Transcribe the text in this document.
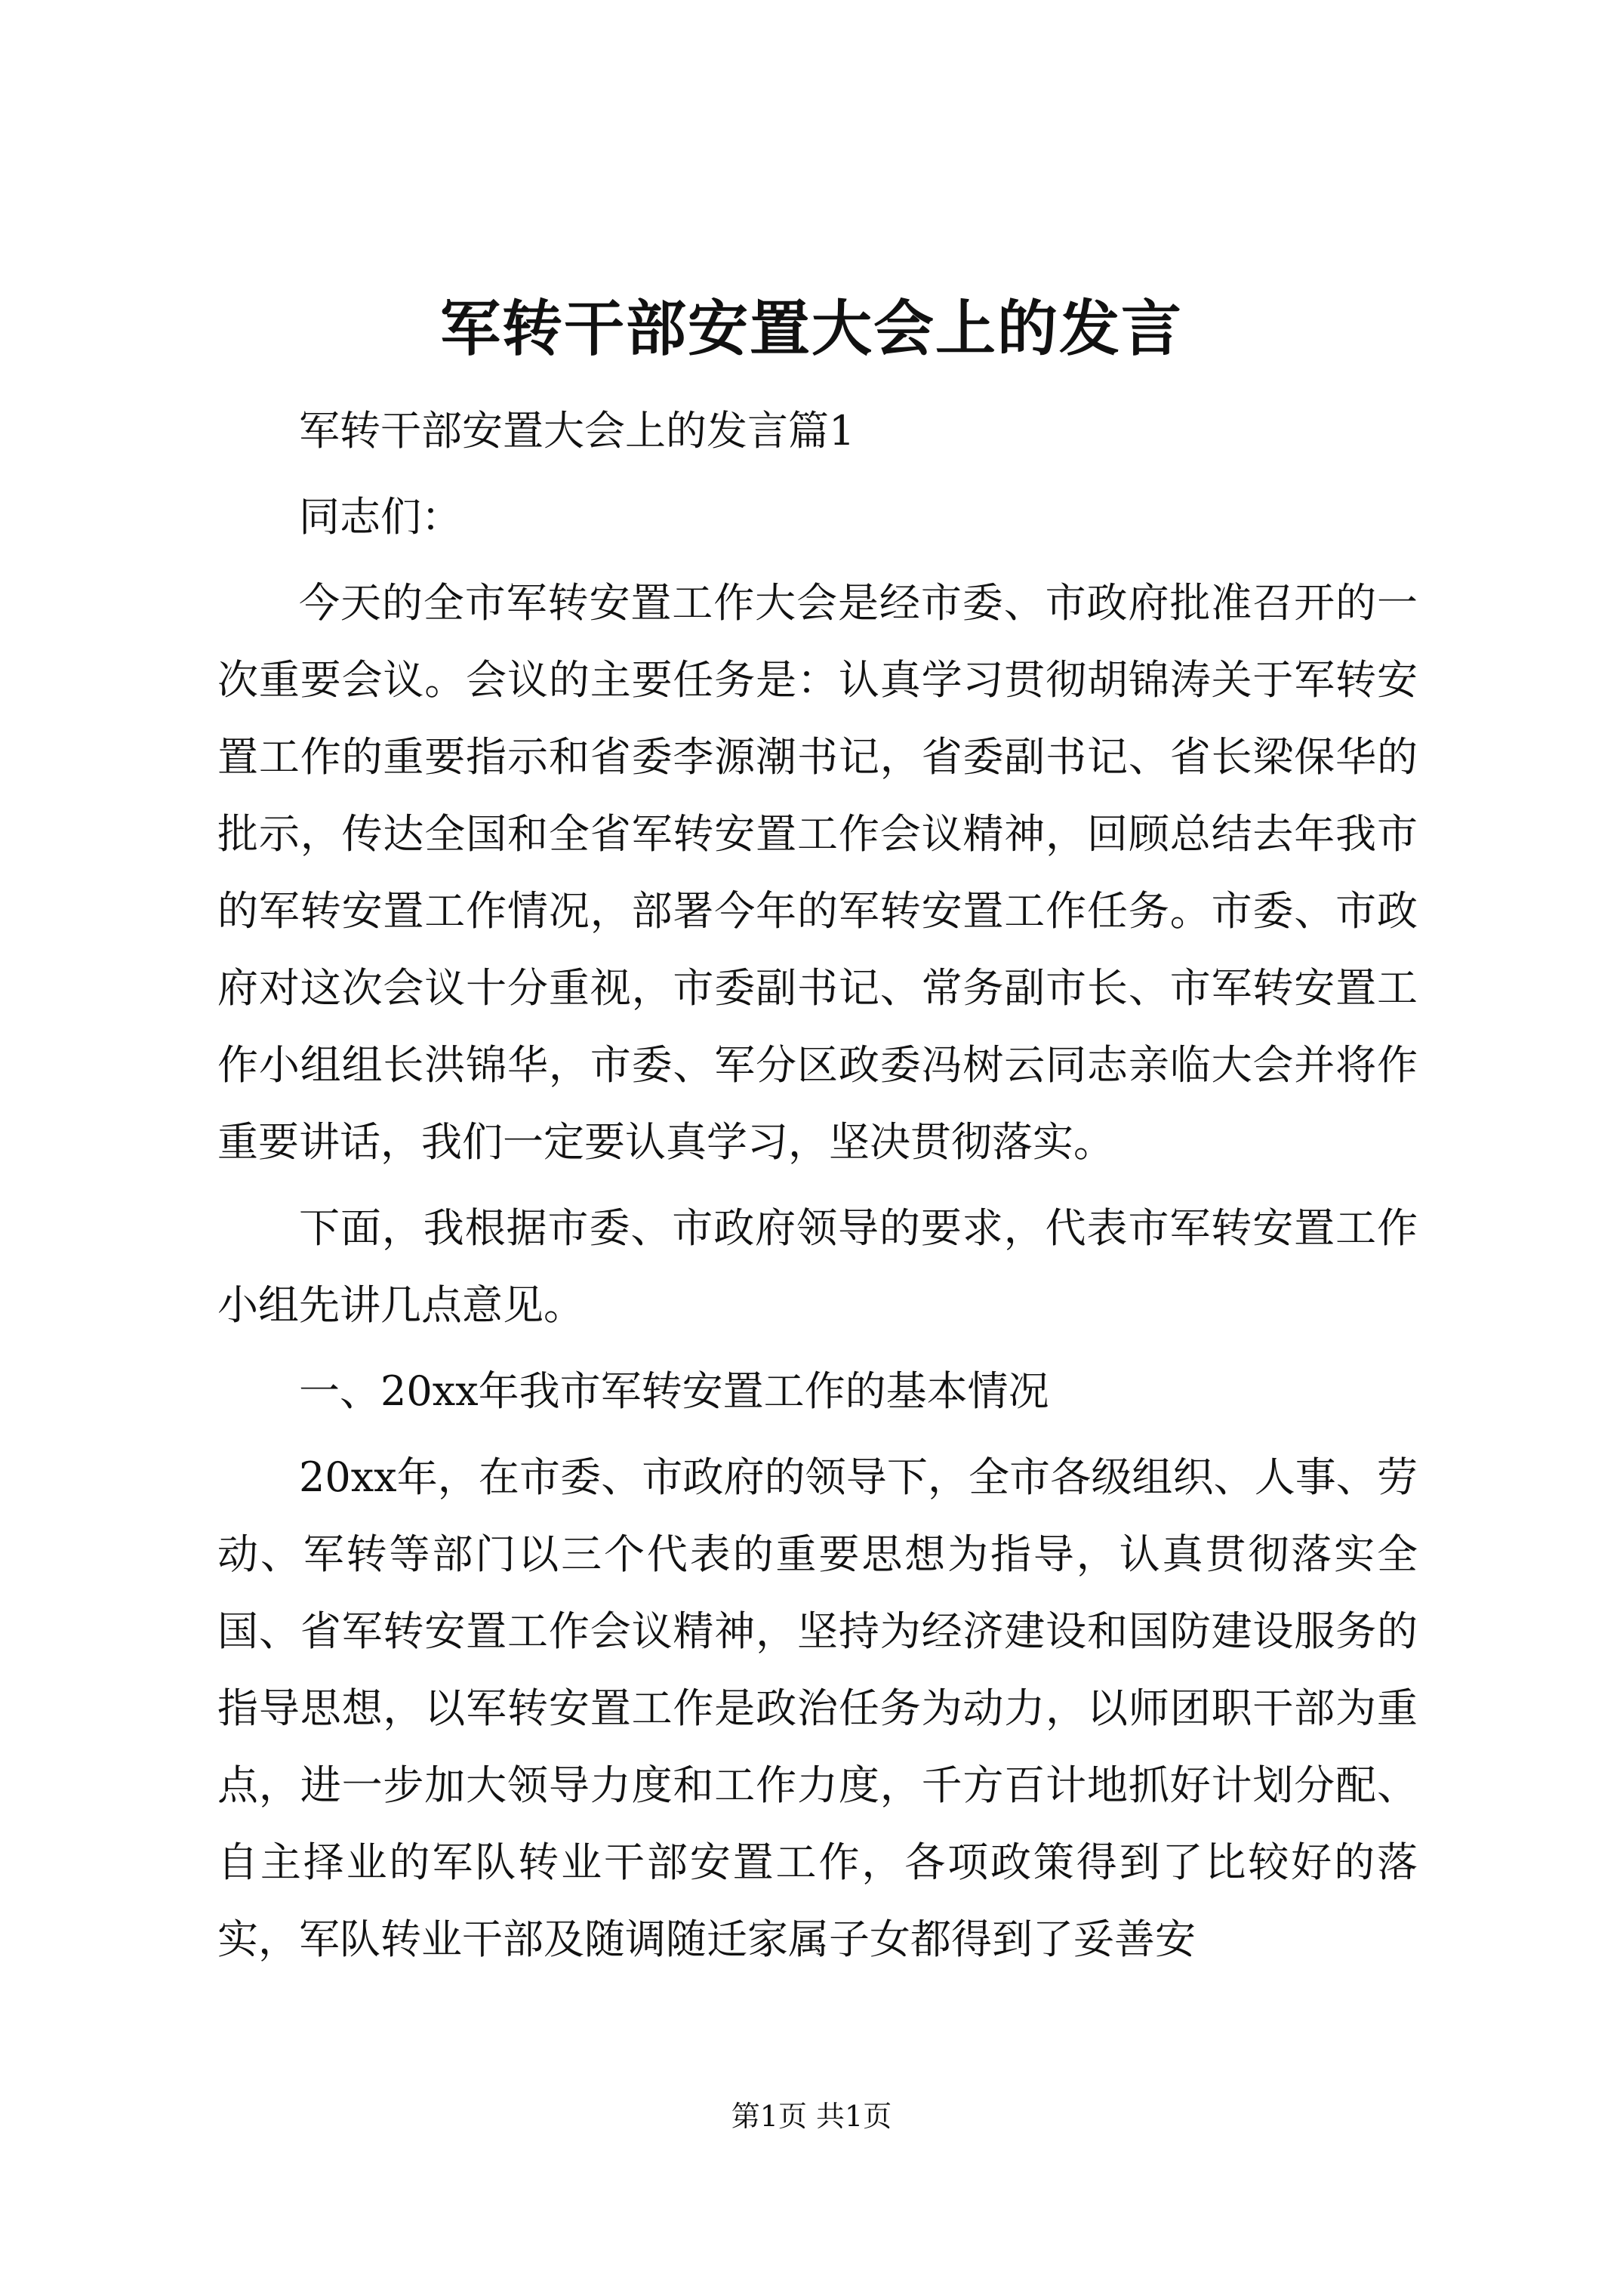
军转干部安置大会上的发言

军转干部安置大会上的发言篇1

同志们：

今天的全市军转安置工作大会是经市委、市政府批准召开的一次重要会议。会议的主要任务是：认真学习贯彻胡锦涛关于军转安置工作的重要指示和省委李源潮书记，省委副书记、省长梁保华的批示，传达全国和全省军转安置工作会议精神，回顾总结去年我市的军转安置工作情况，部署今年的军转安置工作任务。市委、市政府对这次会议十分重视，市委副书记、常务副市长、市军转安置工作小组组长洪锦华，市委、军分区政委冯树云同志亲临大会并将作重要讲话，我们一定要认真学习，坚决贯彻落实。

下面，我根据市委、市政府领导的要求，代表市军转安置工作小组先讲几点意见。

一、20xx年我市军转安置工作的基本情况

20xx年，在市委、市政府的领导下，全市各级组织、人事、劳动、军转等部门以三个代表的重要思想为指导，认真贯彻落实全国、省军转安置工作会议精神，坚持为经济建设和国防建设服务的指导思想，以军转安置工作是政治任务为动力，以师团职干部为重点，进一步加大领导力度和工作力度，千方百计地抓好计划分配、自主择业的军队转业干部安置工作，各项政策得到了比较好的落实，军队转业干部及随调随迁家属子女都得到了妥善安

第1页 共1页
